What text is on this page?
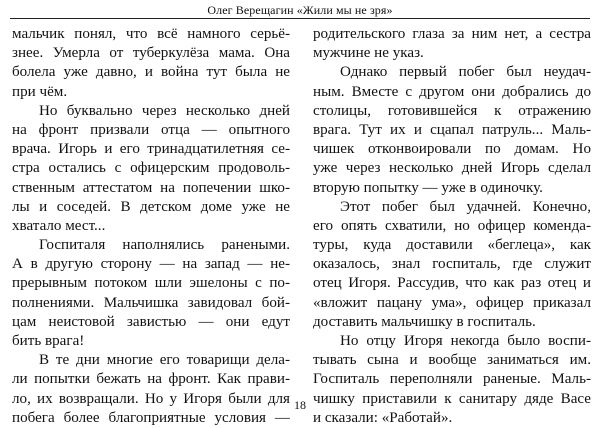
Олег Верещагин «Жили мы не зря»
мальчик понял, что всё намного серьё-
знее. Умерла от туберкулёза мама. Она
болела уже давно, и война тут была не
при чём.
Но буквально через несколько дней
на фронт призвали отца — опытного
врача. Игорь и его тринадцатилетняя се-
стра остались с офицерским продоволь-
ственным аттестатом на попечении шко-
лы и соседей. В детском доме уже не
хватало мест...
Госпиталя наполнялись ранеными.
А в другую сторону — на запад — не-
прерывным потоком шли эшелоны с по-
полнениями. Мальчишка завидовал бой-
цам неистовой завистью — они едут
бить врага!
В те дни многие его товарищи дела-
ли попытки бежать на фронт. Как прави-
ло, их возвращали. Но у Игоря были для
побега более благоприятные условия —
родительского глаза за ним нет, а сестра
мужчине не указ.
Однако первый побег был неудач-
ным. Вместе с другом они добрались до
столицы, готовившейся к отражению
врага. Тут их и сцапал патруль... Маль-
чишек отконвоировали по домам. Но
уже через несколько дней Игорь сделал
вторую попытку — уже в одиночку.
Этот побег был удачней. Конечно,
его опять схватили, но офицер коменда-
туры, куда доставили «беглеца», как
оказалось, знал госпиталь, где служит
отец Игоря. Рассудив, что как раз отец и
«вложит пацану ума», офицер приказал
доставить мальчишку в госпиталь.
Но отцу Игоря некогда было воспи-
тывать сына и вообще заниматься им.
Госпиталь переполняли раненые. Маль-
чишку приставили к санитару дяде Васе
и сказали: «Работай».
18
